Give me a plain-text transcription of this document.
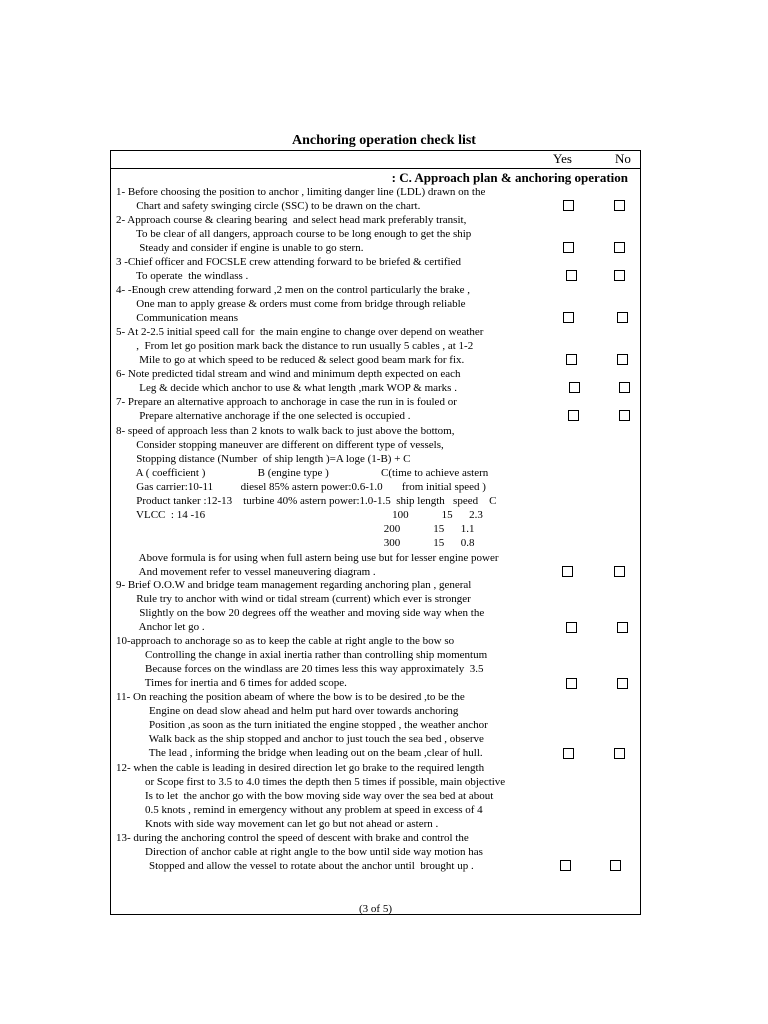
Anchoring operation check list
Yes	No
: C. Approach plan & anchoring operation
1- Before choosing the position to anchor , limiting danger line (LDL) drawn on the
Chart and safety swinging circle (SSC) to be drawn on the chart.
2- Approach course & clearing bearing  and select head mark preferably transit,
To be clear of all dangers, approach course to be long enough to get the ship
Steady and consider if engine is unable to go stern.
3 -Chief officer and FOCSLE crew attending forward to be briefed & certified
To operate  the windlass .
4- -Enough crew attending forward ,2 men on the control particularly the brake ,
One man to apply grease & orders must come from bridge through reliable
Communication means
5- At 2-2.5 initial speed call for  the main engine to change over depend on weather
,  From let go position mark back the distance to run usually 5 cables , at 1-2
Mile to go at which speed to be reduced & select good beam mark for fix.
6- Note predicted tidal stream and wind and minimum depth expected on each
Leg & decide which anchor to use & what length ,mark WOP & marks .
7- Prepare an alternative approach to anchorage in case the run in is fouled or
Prepare alternative anchorage if the one selected is occupied .
8- speed of approach less than 2 knots to walk back to just above the bottom,
Consider stopping maneuver are different on different type of vessels,
Stopping distance (Number  of ship length )=A loge (1-B) + C
A ( coefficient )                   B (engine type )                   C(time to achieve astern
Gas carrier:10-11          diesel 85% astern power:0.6-1.0       from initial speed )
Product tanker :12-13    turbine 40% astern power:1.0-1.5  ship length   speed    C
VLCC  : 14 -16                                                                    100            15      2.3
200            15      1.1
300            15      0.8
Above formula is for using when full astern being use but for lesser engine power
And movement refer to vessel maneuvering diagram .
9- Brief O.O.W and bridge team management regarding anchoring plan , general
Rule try to anchor with wind or tidal stream (current) which ever is stronger
Slightly on the bow 20 degrees off the weather and moving side way when the
Anchor let go .
10-approach to anchorage so as to keep the cable at right angle to the bow so
Controlling the change in axial inertia rather than controlling ship momentum
Because forces on the windlass are 20 times less this way approximately  3.5
Times for inertia and 6 times for added scope.
11- On reaching the position abeam of where the bow is to be desired ,to be the
Engine on dead slow ahead and helm put hard over towards anchoring
Position ,as soon as the turn initiated the engine stopped , the weather anchor
Walk back as the ship stopped and anchor to just touch the sea bed , observe
The lead , informing the bridge when leading out on the beam ,clear of hull.
12- when the cable is leading in desired direction let go brake to the required length
or Scope first to 3.5 to 4.0 times the depth then 5 times if possible, main objective
Is to let  the anchor go with the bow moving side way over the sea bed at about
0.5 knots , remind in emergency without any problem at speed in excess of 4
Knots with side way movement can let go but not ahead or astern .
13- during the anchoring control the speed of descent with brake and control the
Direction of anchor cable at right angle to the bow until side way motion has
Stopped and allow the vessel to rotate about the anchor until  brought up .
(3 of 5)
